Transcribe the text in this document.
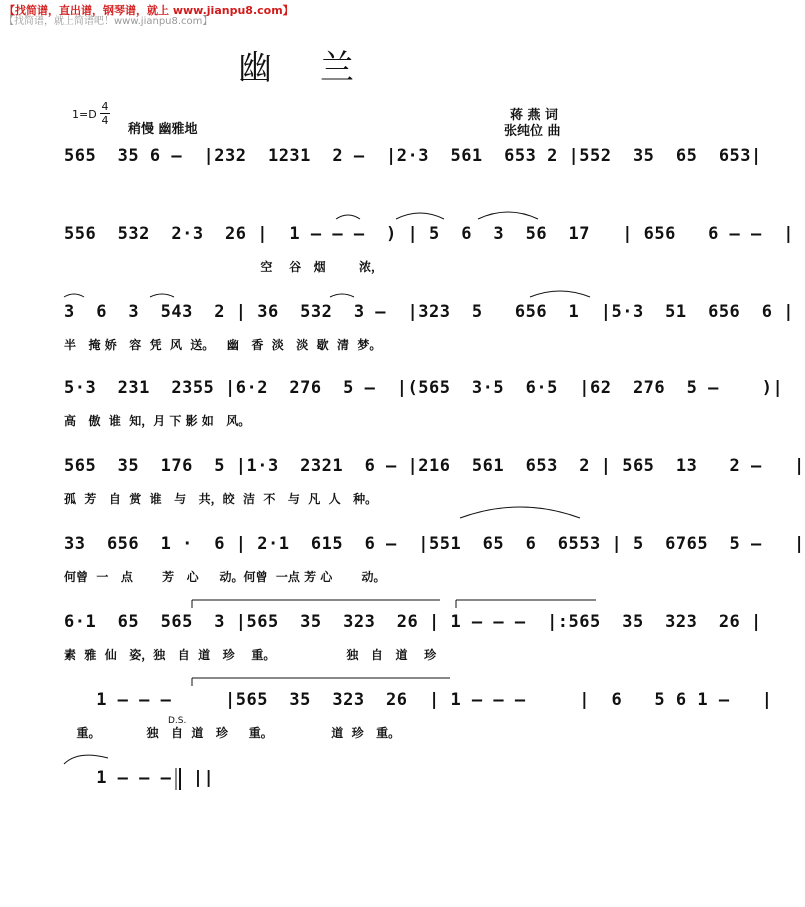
【找简谱，直出谱，钢琴谱，就上 www.jianpu8.com】
【找简谱，就上简谱吧！www.jianpu8.com】
幽兰
1=D
4
4
稍慢 幽雅地
蒋 燕 词
张纯位 曲
565  35 6 –  |232  1231  2 –  |2·3  561  653 2 |552  35  65  653|
556  532  2·3  26 |  1 – – –  ) | 5  6  3  56  17   | 656   6 – –  |
空    谷   烟        浓，
3  6  3  543  2 | 36  532  3 –  |323  5   656  1  |5·3  51  656  6 |
半   掩 娇   容  凭  风  送。   幽   香  淡   淡  歇  清  梦。
5·3  231  2355 |6·2  276  5 –  |(565  3·5  6·5  |62  276  5 –    )|
高   傲  谁  知，月 下 影 如   风。
565  35  176  5 |1·3  2321  6 – |216  561  653  2 | 565  13   2 –   |
孤  芳   自  赏  谁   与   共，皎  洁  不   与  凡  人   种。
33  656  1 ·  6 | 2·1  615  6 –  |551  65  6  6553 | 5  6765  5 –   |
何曾  一   点       芳   心     动。何曾  一点 芳 心       动。
6·1  65  565  3 |565  35  323  26 | 1 – – –  |:565  35  323  26 |
素  雅  仙   姿，独   自  道   珍    重。                 独   自   道    珍
1 – – –     |565  35  323  26  | 1 – – –     |  6   5 6 1 –   |
重。           独   自  道   珍     重。              道  珍   重。
D.S.
1 – – –  ||
